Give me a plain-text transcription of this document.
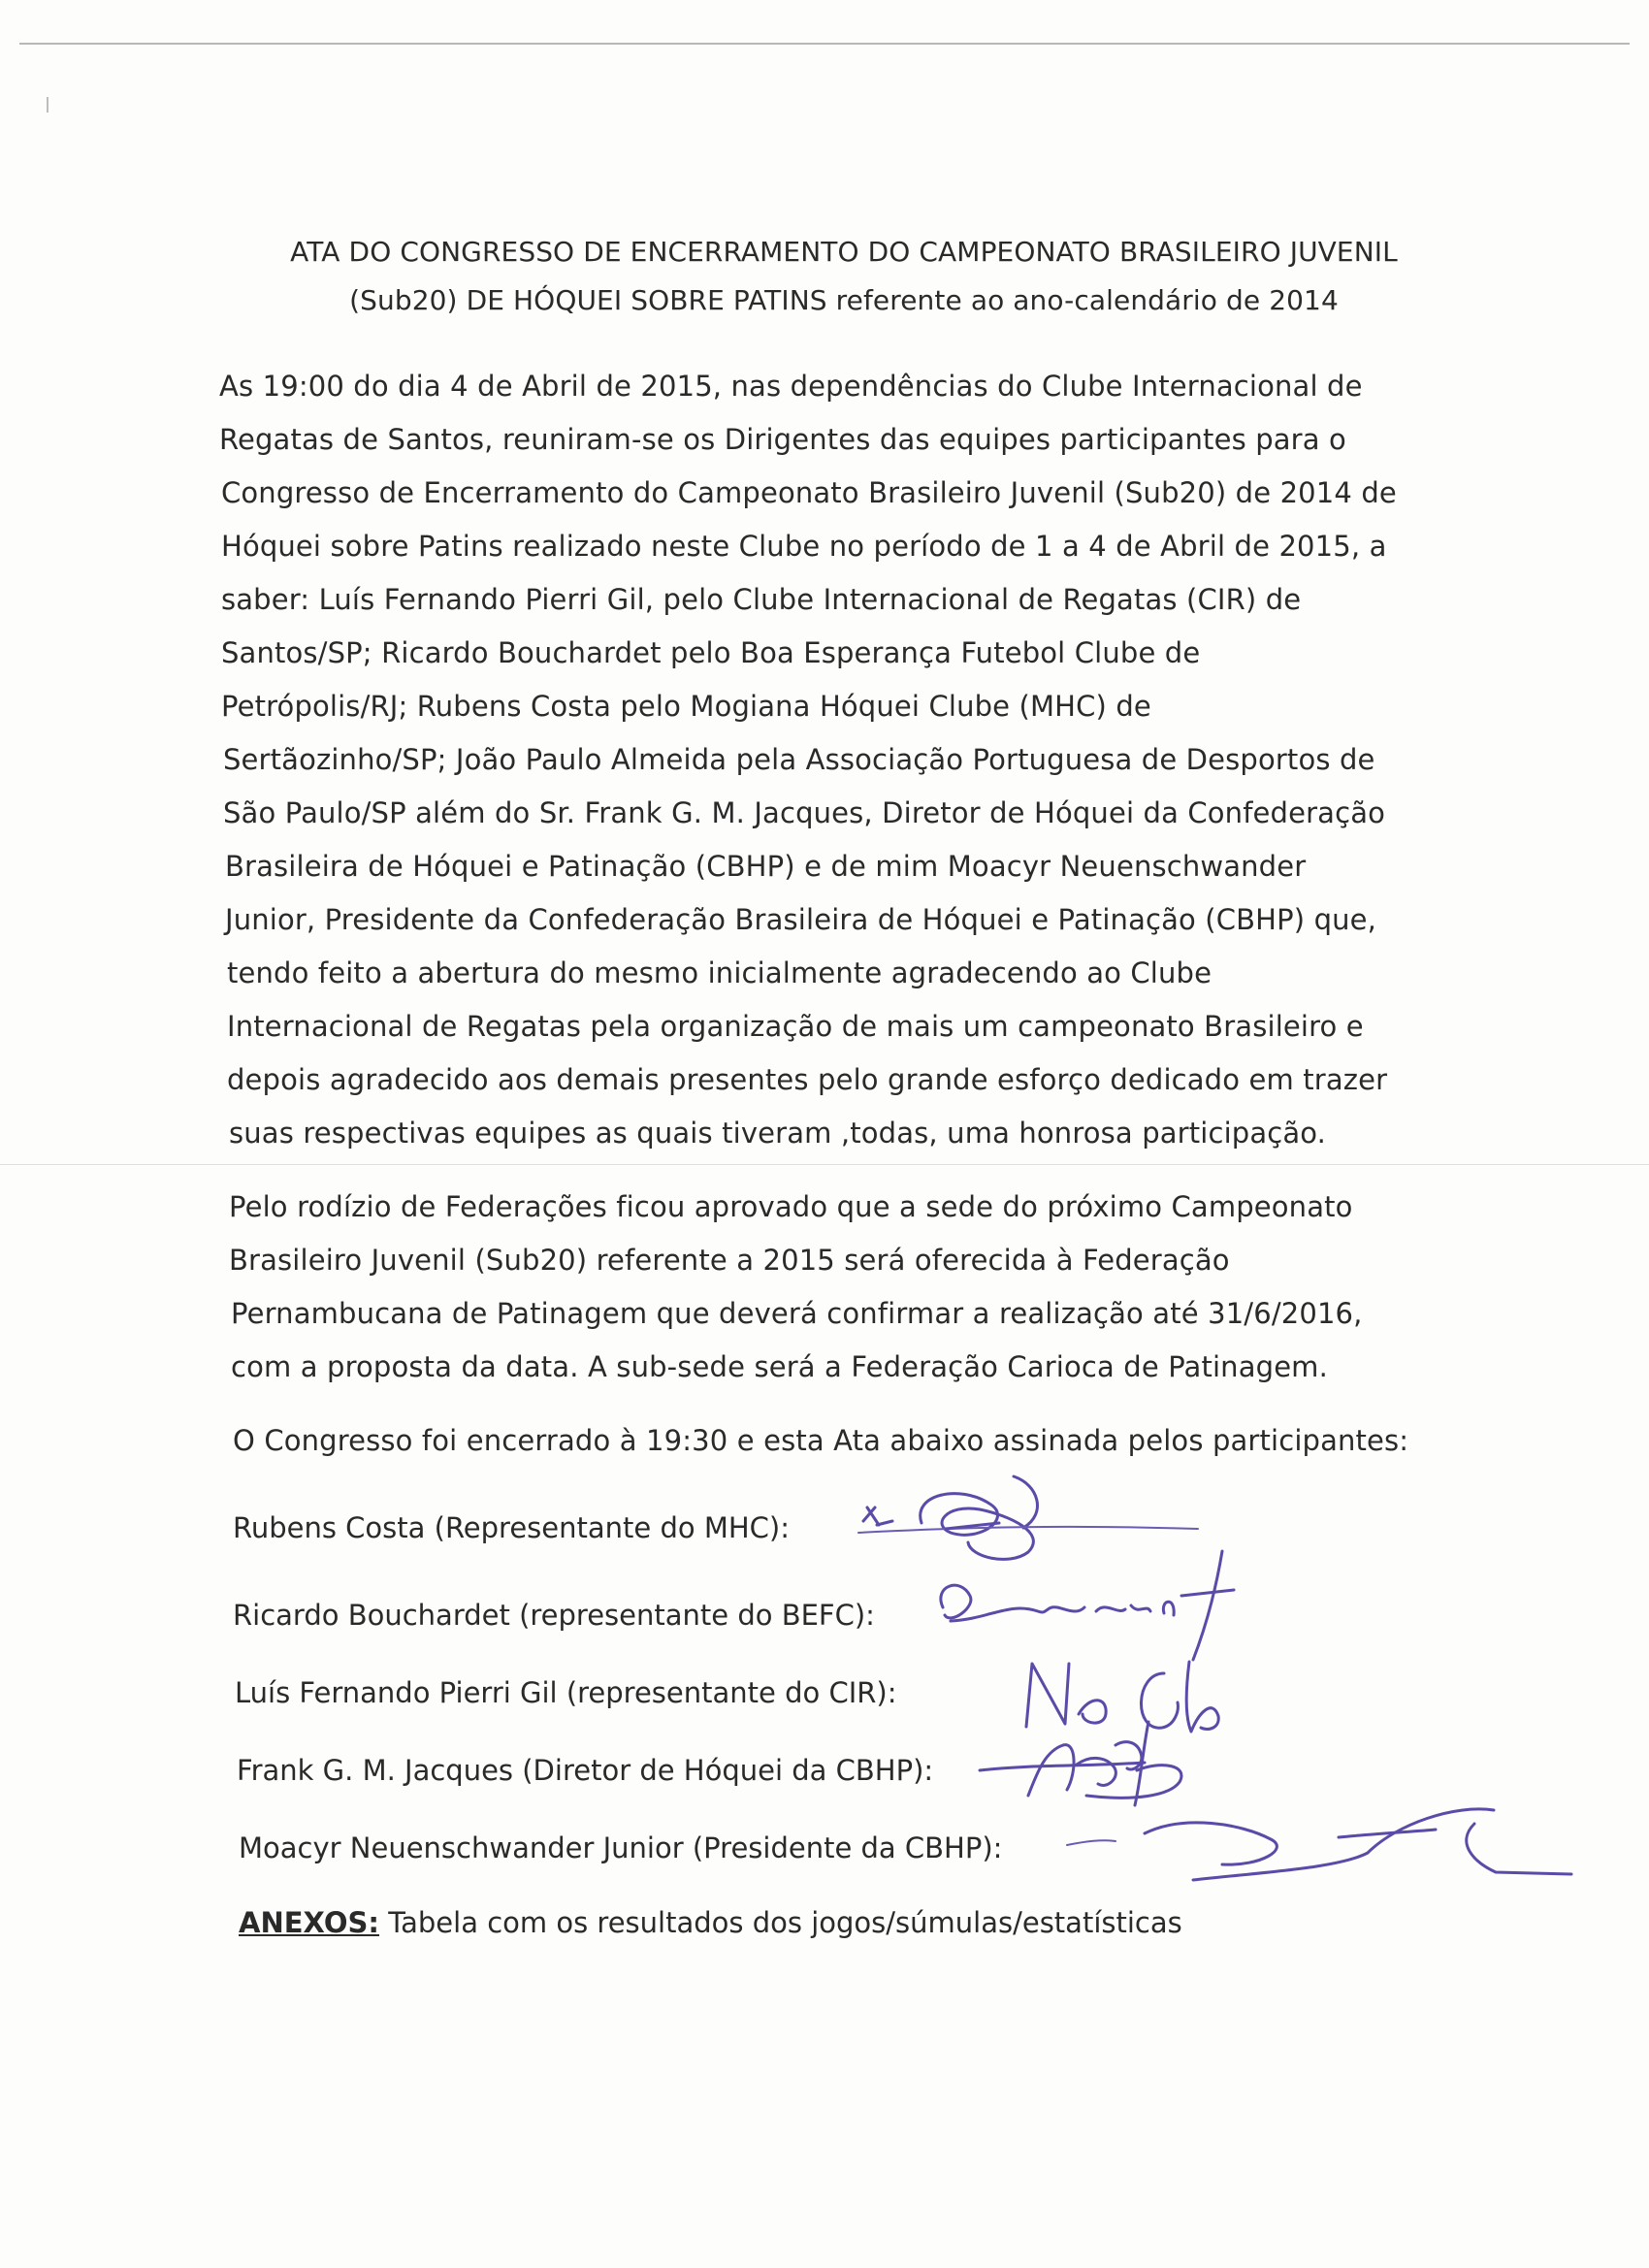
ATA DO CONGRESSO DE ENCERRAMENTO DO CAMPEONATO BRASILEIRO JUVENIL
(Sub20) DE HÓQUEI SOBRE PATINS referente ao ano-calendário de 2014
As 19:00 do dia 4 de Abril de 2015, nas dependências do Clube Internacional de
Regatas de Santos, reuniram-se os Dirigentes das equipes participantes para o
Congresso de Encerramento do Campeonato Brasileiro Juvenil (Sub20) de 2014 de
Hóquei sobre Patins realizado neste Clube no período de 1 a 4 de Abril de 2015, a
saber: Luís Fernando Pierri Gil, pelo Clube Internacional de Regatas (CIR) de
Santos/SP; Ricardo Bouchardet pelo Boa Esperança Futebol Clube de
Petrópolis/RJ; Rubens Costa pelo Mogiana Hóquei Clube (MHC) de
Sertãozinho/SP; João Paulo Almeida pela Associação Portuguesa de Desportos de
São Paulo/SP além do Sr. Frank G. M. Jacques, Diretor de Hóquei da Confederação
Brasileira de Hóquei e Patinação (CBHP) e de mim Moacyr Neuenschwander
Junior, Presidente da Confederação Brasileira de Hóquei e Patinação (CBHP) que,
tendo feito a abertura do mesmo inicialmente agradecendo ao Clube
Internacional de Regatas pela organização de mais um campeonato Brasileiro e
depois agradecido aos demais presentes pelo grande esforço dedicado em trazer
suas respectivas equipes as quais tiveram ,todas, uma honrosa participação.
Pelo rodízio de Federações ficou aprovado que a sede do próximo Campeonato
Brasileiro Juvenil (Sub20) referente a 2015 será oferecida à Federação
Pernambucana de Patinagem que deverá confirmar a realização até 31/6/2016,
com a proposta da data. A sub-sede será a Federação Carioca de Patinagem.
O Congresso foi encerrado à 19:30 e esta Ata abaixo assinada pelos participantes:
Rubens Costa (Representante do MHC):
Ricardo Bouchardet (representante do BEFC):
Luís Fernando Pierri Gil (representante do CIR):
Frank G. M. Jacques (Diretor de Hóquei da CBHP):
Moacyr Neuenschwander Junior (Presidente da CBHP):
ANEXOS: Tabela com os resultados dos jogos/súmulas/estatísticas
